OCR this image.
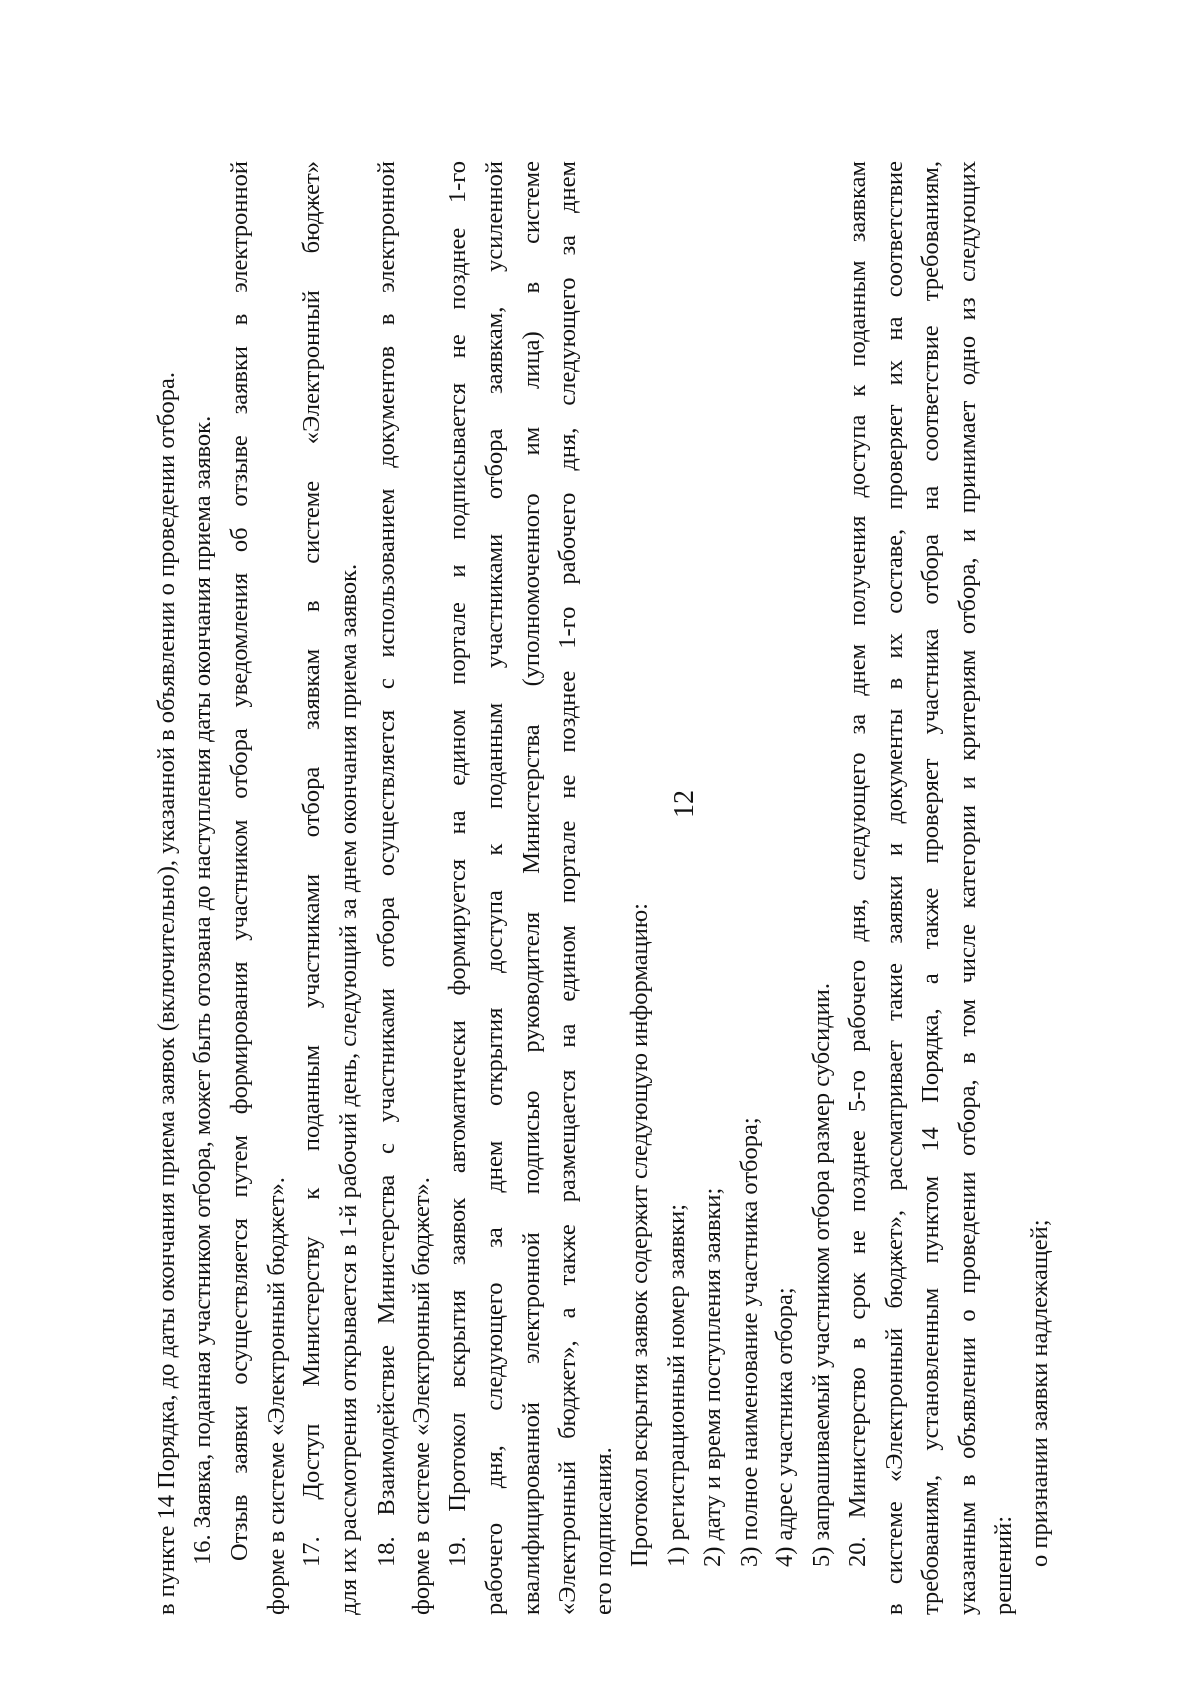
12
в пункте 14 Порядка, до даты окончания приема заявок (включительно), указанной в объявлении о проведении отбора. 16. Заявка, поданная участником отбора, может быть отозвана до наступления даты окончания приема заявок. Отзыв заявки осуществляется путем формирования участником отбора уведомления об отзыве заявки в электронной форме в системе «Электронный бюджет». 17. Доступ Министерству к поданным участниками отбора заявкам в системе «Электронный бюджет» для их рассмотрения открывается в 1-й рабочий день, следующий за днем окончания приема заявок. 18. Взаимодействие Министерства с участниками отбора осуществляется с использованием документов в электронной форме в системе «Электронный бюджет». 19. Протокол вскрытия заявок автоматически формируется на едином портале и подписывается не позднее 1-го рабочего дня, следующего за днем открытия доступа к поданным участниками отбора заявкам, усиленной квалифицированной электронной подписью руководителя Министерства (уполномоченного им лица) в системе «Электронный бюджет», а также размещается на едином портале не позднее 1-го рабочего дня, следующего за днем его подписания. Протокол вскрытия заявок содержит следующую информацию: 1) регистрационный номер заявки; 2) дату и время поступления заявки; 3) полное наименование участника отбора; 4) адрес участника отбора; 5) запрашиваемый участником отбора размер субсидии. 20. Министерство в срок не позднее 5-го рабочего дня, следующего за днем получения доступа к поданным заявкам в системе «Электронный бюджет», рассматривает такие заявки и документы в их составе, проверяет их на соответствие требованиям, установленным пунктом 14 Порядка, а также проверяет участника отбора на соответствие требованиям, указанным в объявлении о проведении отбора, в том числе категории и критериям отбора, и принимает одно из следующих решений: о признании заявки надлежащей;
